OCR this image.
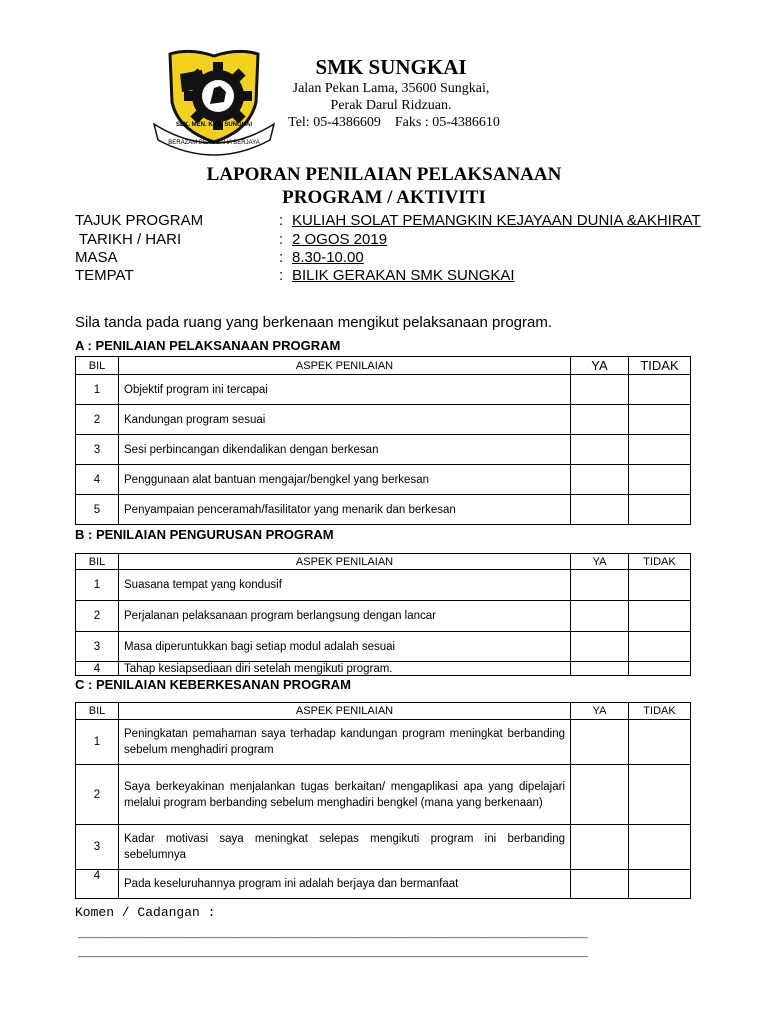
BERAZAM BERUSAHA BERJAYA
SEK. MEN. KEB. SUNGKAI
SMK SUNGKAI
Jalan Pekan Lama, 35600 Sungkai,
Perak Darul Ridzuan.
Tel: 05-4386609    Faks : 05-4386610
LAPORAN PENILAIAN PELAKSANAAN
PROGRAM / AKTIVITI
TAJUK PROGRAM	: KULIAH SOLAT PEMANGKIN KEJAYAAN DUNIA &AKHIRAT
TARIKH / HARI	: 2 OGOS 2019
MASA	: 8.30-10.00
TEMPAT	: BILIK GERAKAN SMK SUNGKAI
Sila tanda pada ruang yang berkenaan mengikut pelaksanaan program.
A : PENILAIAN PELAKSANAAN PROGRAM
BIL	ASPEK PENILAIAN	YA	TIDAK
1	Objektif program ini tercapai		
2	Kandungan program sesuai		
3	Sesi perbincangan dikendalikan dengan berkesan		
4	Penggunaan alat bantuan mengajar/bengkel yang berkesan		
5	Penyampaian penceramah/fasilitator yang menarik dan berkesan		
B : PENILAIAN PENGURUSAN PROGRAM
BIL	ASPEK PENILAIAN	YA	TIDAK
1	Suasana tempat yang kondusif		
2	Perjalanan pelaksanaan program berlangsung dengan lancar		
3	Masa diperuntukkan bagi setiap modul adalah sesuai		
4	Tahap kesiapsediaan diri setelah mengikuti program.		
C : PENILAIAN KEBERKESANAN PROGRAM
BIL	ASPEK PENILAIAN	YA	TIDAK
1	Peningkatan pemahaman saya terhadap kandungan program meningkat berbanding sebelum menghadiri program		
2	Saya berkeyakinan menjalankan tugas berkaitan/ mengaplikasi apa yang dipelajari melalui program berbanding sebelum menghadiri bengkel (mana yang berkenaan)		
3	Kadar motivasi saya meningkat selepas mengikuti program ini berbanding sebelumnya		
4	Pada keseluruhannya program ini adalah berjaya dan bermanfaat		
Komen / Cadangan :
____________________________________________________________________________
____________________________________________________________________________
